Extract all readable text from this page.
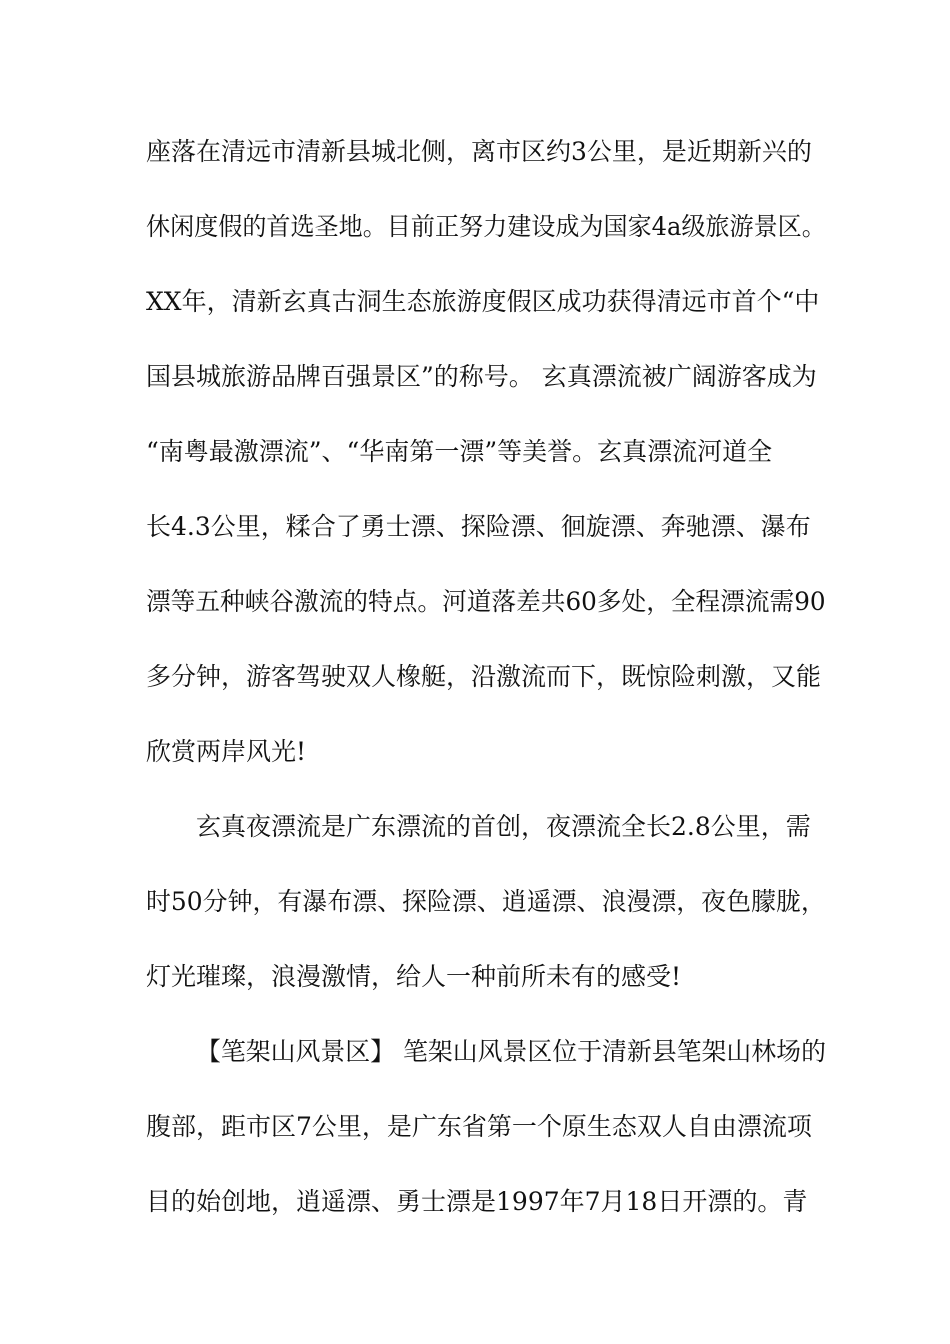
座落在清远市清新县城北侧，离市区约3公里，是近期新兴的
休闲度假的首选圣地。目前正努力建设成为国家4a级旅游景区。
XX年，清新玄真古洞生态旅游度假区成功获得清远市首个“中
国县城旅游品牌百强景区”的称号。 玄真漂流被广阔游客成为
“南粤最激漂流”、“华南第一漂”等美誉。玄真漂流河道全
长4.3公里，糅合了勇士漂、探险漂、徊旋漂、奔驰漂、瀑布
漂等五种峡谷激流的特点。河道落差共60多处，全程漂流需90
多分钟，游客驾驶双人橡艇，沿激流而下，既惊险刺激，又能
欣赏两岸风光!
玄真夜漂流是广东漂流的首创，夜漂流全长2.8公里，需
时50分钟，有瀑布漂、探险漂、逍遥漂、浪漫漂，夜色朦胧，
灯光璀璨，浪漫激情，给人一种前所未有的感受!
【笔架山风景区】 笔架山风景区位于清新县笔架山林场的
腹部，距市区7公里，是广东省第一个原生态双人自由漂流项
目的始创地，逍遥漂、勇士漂是1997年7月18日开漂的。青
